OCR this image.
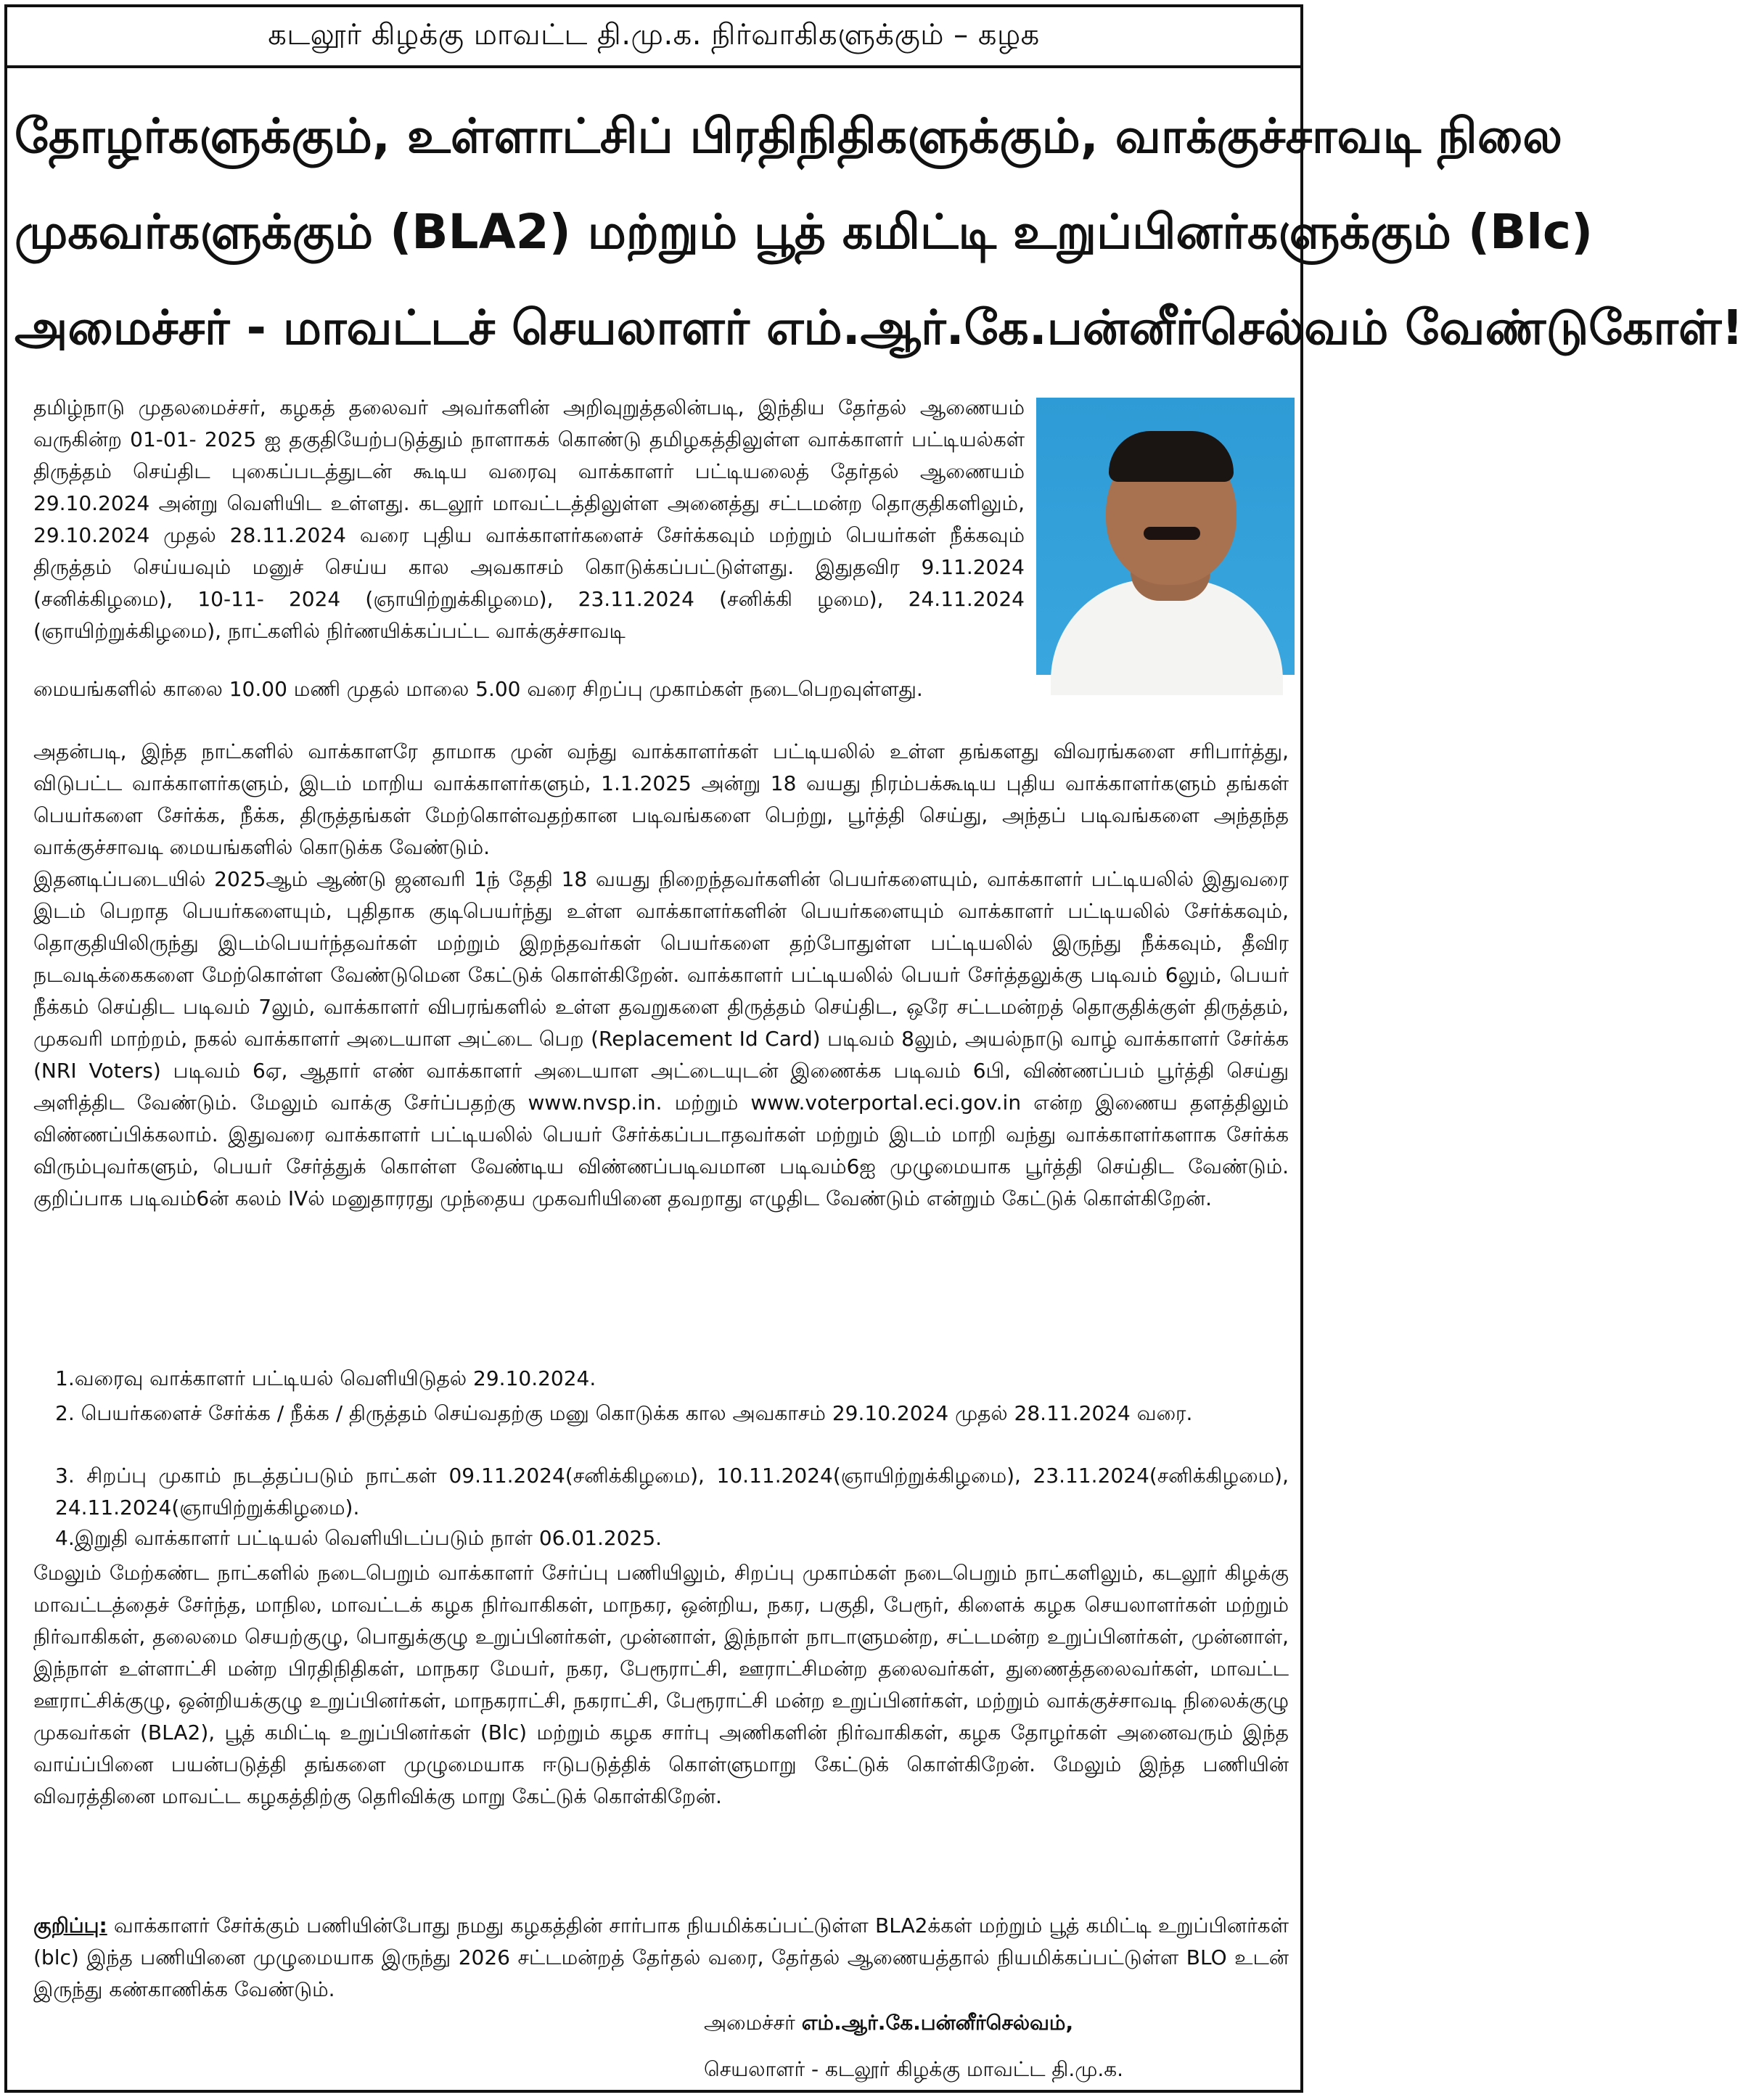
கடலூர் கிழக்கு மாவட்ட தி.மு.க. நிர்வாகிகளுக்கும் – கழக
தோழர்களுக்கும், உள்ளாட்சிப் பிரதிநிதிகளுக்கும், வாக்குச்சாவடி நிலை
முகவர்களுக்கும் (BLA2) மற்றும் பூத் கமிட்டி உறுப்பினர்களுக்கும் (Blc)
அமைச்சர் - மாவட்டச் செயலாளர் எம்.ஆர்.கே.பன்னீர்செல்வம் வேண்டுகோள்!
தமிழ்நாடு முதலமைச்சர், கழகத் தலைவர் அவர்களின் அறிவுறுத்தலின்படி, இந்திய தேர்தல் ஆணையம் வருகின்ற 01-01- 2025 ஐ தகுதியேற்படுத்தும் நாளாகக் கொண்டு தமிழகத்திலுள்ள வாக்காளர் பட்டியல்கள் திருத்தம் செய்திட புகைப்படத்துடன் கூடிய வரைவு வாக்காளர் பட்டியலைத் தேர்தல் ஆணையம் 29.10.2024 அன்று வெளியிட உள்ளது. கடலூர் மாவட்டத்திலுள்ள அனைத்து சட்டமன்ற தொகுதிகளிலும், 29.10.2024 முதல் 28.11.2024 வரை புதிய வாக்காளர்களைச் சேர்க்கவும் மற்றும் பெயர்கள் நீக்கவும் திருத்தம் செய்யவும் மனுச் செய்ய கால அவகாசம் கொடுக்கப்பட்டுள்ளது. இதுதவிர 9.11.2024 (சனிக்கிழமை), 10-11- 2024 (ஞாயிற்றுக்கிழமை), 23.11.2024 (சனிக்கி ழமை), 24.11.2024 (ஞாயிற்றுக்கிழமை), நாட்களில் நிர்ணயிக்கப்பட்ட வாக்குச்சாவடி
மையங்களில் காலை 10.00 மணி முதல் மாலை 5.00 வரை சிறப்பு முகாம்கள் நடைபெறவுள்ளது.
அதன்படி, இந்த நாட்களில் வாக்காளரே தாமாக முன் வந்து வாக்காளர்கள் பட்டியலில் உள்ள தங்களது விவரங்களை சரிபார்த்து, விடுபட்ட வாக்காளர்களும், இடம் மாறிய வாக்காளர்களும், 1.1.2025 அன்று 18 வயது நிரம்பக்கூடிய புதிய வாக்காளர்களும் தங்கள் பெயர்களை சேர்க்க, நீக்க, திருத்தங்கள் மேற்கொள்வதற்கான படிவங்களை பெற்று, பூர்த்தி செய்து, அந்தப் படிவங்களை அந்தந்த வாக்குச்சாவடி மையங்களில் கொடுக்க வேண்டும்.
இதனடிப்படையில் 2025ஆம் ஆண்டு ஜனவரி 1ந் தேதி 18 வயது நிறைந்தவர்களின் பெயர்களையும், வாக்காளர் பட்டியலில் இதுவரை இடம் பெறாத பெயர்களையும், புதிதாக குடிபெயர்ந்து உள்ள வாக்காளர்களின் பெயர்களையும் வாக்காளர் பட்டியலில் சேர்க்கவும், தொகுதியிலிருந்து இடம்பெயர்ந்தவர்கள் மற்றும் இறந்தவர்கள் பெயர்களை தற்போதுள்ள பட்டியலில் இருந்து நீக்கவும், தீவிர நடவடிக்கைகளை மேற்கொள்ள வேண்டுமென கேட்டுக் கொள்கிறேன். வாக்காளர் பட்டியலில் பெயர் சேர்த்தலுக்கு படிவம் 6லும், பெயர் நீக்கம் செய்திட படிவம் 7லும், வாக்காளர் விபரங்களில் உள்ள தவறுகளை திருத்தம் செய்திட, ஒரே சட்டமன்றத் தொகுதிக்குள் திருத்தம், முகவரி மாற்றம், நகல் வாக்காளர் அடையாள அட்டை பெற (Replacement Id Card) படிவம் 8லும், அயல்நாடு வாழ் வாக்காளர் சேர்க்க (NRI Voters) படிவம் 6ஏ, ஆதார் எண் வாக்காளர் அடையாள அட்டையுடன் இணைக்க படிவம் 6பி, விண்ணப்பம் பூர்த்தி செய்து அளித்திட வேண்டும். மேலும் வாக்கு சேர்ப்பதற்கு www.nvsp.in. மற்றும் www.voterportal.eci.gov.in என்ற இணைய தளத்திலும் விண்ணப்பிக்கலாம். இதுவரை வாக்காளர் பட்டியலில் பெயர் சேர்க்கப்படாதவர்கள் மற்றும் இடம் மாறி வந்து வாக்காளர்களாக சேர்க்க விரும்புவர்களும், பெயர் சேர்த்துக் கொள்ள வேண்டிய விண்ணப்படிவமான படிவம்6ஐ முழுமையாக பூர்த்தி செய்திட வேண்டும். குறிப்பாக படிவம்6ன் கலம் IVல் மனுதாரரது முந்தைய முகவரியினை தவறாது எழுதிட வேண்டும் என்றும் கேட்டுக் கொள்கிறேன்.
1.வரைவு வாக்காளர் பட்டியல் வெளியிடுதல் 29.10.2024.
2. பெயர்களைச் சேர்க்க / நீக்க / திருத்தம் செய்வதற்கு மனு கொடுக்க கால அவகாசம் 29.10.2024 முதல் 28.11.2024 வரை.
3. சிறப்பு முகாம் நடத்தப்படும் நாட்கள் 09.11.2024(சனிக்கிழமை), 10.11.2024(ஞாயிற்றுக்கிழமை), 23.11.2024(சனிக்கிழமை), 24.11.2024(ஞாயிற்றுக்கிழமை).
4.இறுதி வாக்காளர் பட்டியல் வெளியிடப்படும் நாள் 06.01.2025.
மேலும் மேற்கண்ட நாட்களில் நடைபெறும் வாக்காளர் சேர்ப்பு பணியிலும், சிறப்பு முகாம்கள் நடைபெறும் நாட்களிலும், கடலூர் கிழக்கு மாவட்டத்தைச் சேர்ந்த, மாநில, மாவட்டக் கழக நிர்வாகிகள், மாநகர, ஒன்றிய, நகர, பகுதி, பேரூர், கிளைக் கழக செயலாளர்கள் மற்றும் நிர்வாகிகள், தலைமை செயற்குழு, பொதுக்குழு உறுப்பினர்கள், முன்னாள், இந்நாள் நாடாளுமன்ற, சட்டமன்ற உறுப்பினர்கள், முன்னாள், இந்நாள் உள்ளாட்சி மன்ற பிரதிநிதிகள், மாநகர மேயர், நகர, பேரூராட்சி, ஊராட்சிமன்ற தலைவர்கள், துணைத்தலைவர்கள், மாவட்ட ஊராட்சிக்குழு, ஒன்றியக்குழு உறுப்பினர்கள், மாநகராட்சி, நகராட்சி, பேரூராட்சி மன்ற உறுப்பினர்கள், மற்றும் வாக்குச்சாவடி நிலைக்குழு முகவர்கள் (BLA2), பூத் கமிட்டி உறுப்பினர்கள் (Blc) மற்றும் கழக சார்பு அணிகளின் நிர்வாகிகள், கழக தோழர்கள் அனைவரும் இந்த வாய்ப்பினை பயன்படுத்தி தங்களை முழுமையாக ஈடுபடுத்திக் கொள்ளுமாறு கேட்டுக் கொள்கிறேன். மேலும் இந்த பணியின் விவரத்தினை மாவட்ட கழகத்திற்கு தெரிவிக்கு மாறு கேட்டுக் கொள்கிறேன்.
குறிப்பு: வாக்காளர் சேர்க்கும் பணியின்போது நமது கழகத்தின் சார்பாக நியமிக்கப்பட்டுள்ள BLA2க்கள் மற்றும் பூத் கமிட்டி உறுப்பினர்கள் (blc) இந்த பணியினை முழுமையாக இருந்து 2026 சட்டமன்றத் தேர்தல் வரை, தேர்தல் ஆணையத்தால் நியமிக்கப்பட்டுள்ள BLO உடன் இருந்து கண்காணிக்க வேண்டும்.
அமைச்சர் எம்.ஆர்.கே.பன்னீர்செல்வம்,
செயலாளர் - கடலூர் கிழக்கு மாவட்ட தி.மு.க.
